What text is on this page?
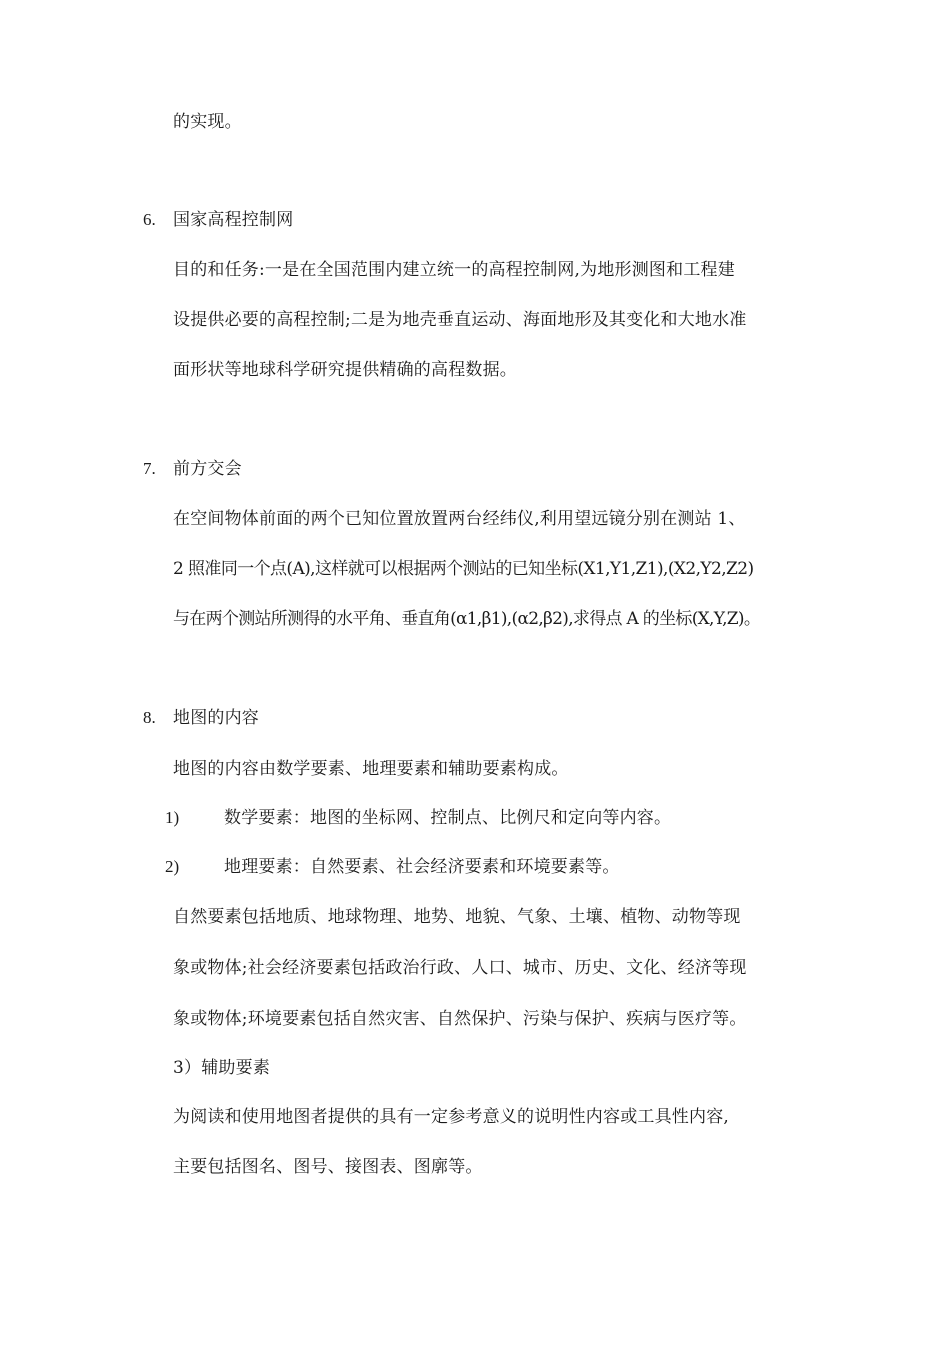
的实现。
6. 国家高程控制网
目的和任务:一是在全国范围内建立统一的高程控制网,为地形测图和工程建
设提供必要的高程控制;二是为地壳垂直运动、海面地形及其变化和大地水准
面形状等地球科学研究提供精确的高程数据。
7. 前方交会
在空间物体前面的两个已知位置放置两台经纬仪,利用望远镜分别在测站 1、
2 照准同一个点(A),这样就可以根据两个测站的已知坐标(X1,Y1,Z1),(X2,Y2,Z2)
与在两个测站所测得的水平角、垂直角(α1,β1),(α2,β2),求得点 A 的坐标(X,Y,Z)。
8. 地图的内容
地图的内容由数学要素、地理要素和辅助要素构成。
1)	数学要素：地图的坐标网、控制点、比例尺和定向等内容。
2)	地理要素：自然要素、社会经济要素和环境要素等。
自然要素包括地质、地球物理、地势、地貌、气象、土壤、植物、动物等现
象或物体;社会经济要素包括政治行政、人口、城市、历史、文化、经济等现
象或物体;环境要素包括自然灾害、自然保护、污染与保护、疾病与医疗等。
3）辅助要素
为阅读和使用地图者提供的具有一定参考意义的说明性内容或工具性内容,
主要包括图名、图号、接图表、图廓等。
